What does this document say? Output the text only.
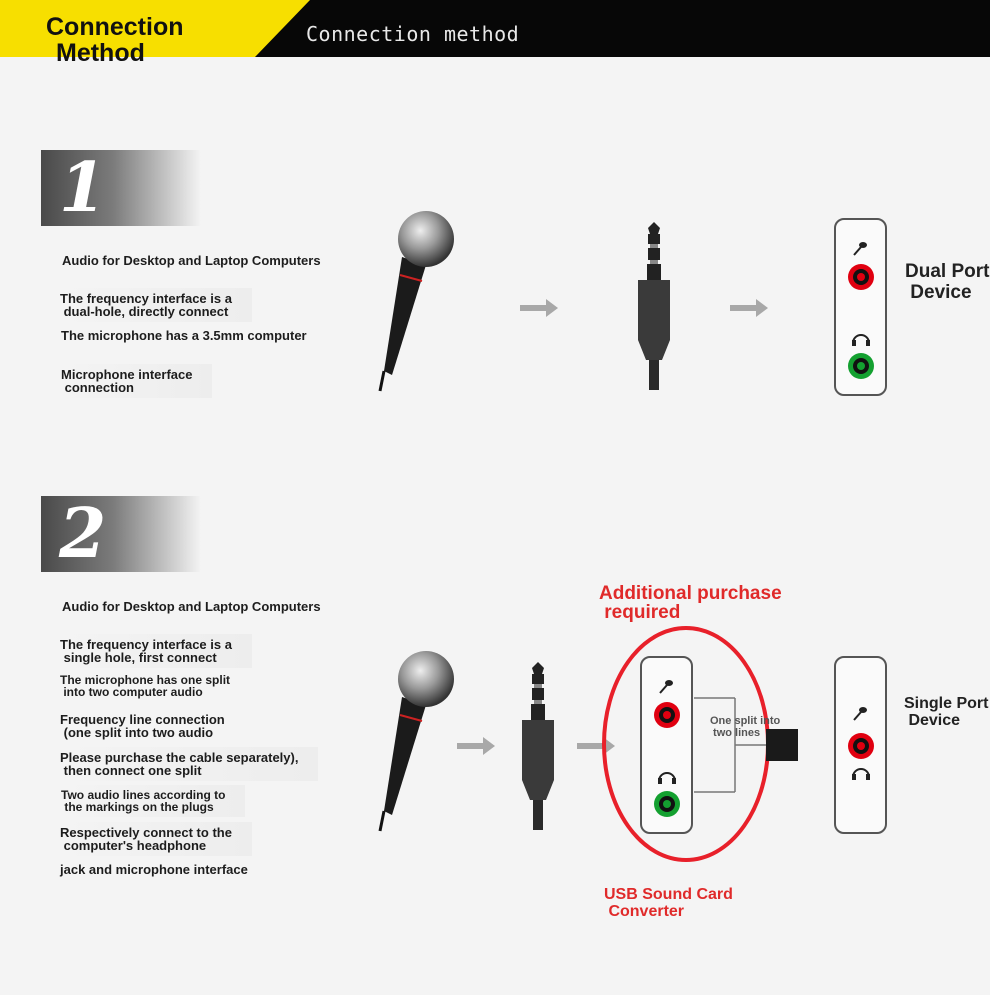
Connection
Method
Connection method
1
Audio for Desktop and Laptop Computers
The frequency interface is a
dual-hole, directly connect
The microphone has a 3.5mm computer
Microphone interface
connection
Dual Port
Device
2
Audio for Desktop and Laptop Computers
The frequency interface is a
single hole, first connect
The microphone has one split
into two computer audio
Frequency line connection
(one split into two audio
Please purchase the cable separately),
then connect one split
Two audio lines according to
the markings on the plugs
Respectively connect to the
computer's headphone
jack and microphone interface
Additional purchase
required
One split into
two lines
Single Port
Device
USB Sound Card
Converter
